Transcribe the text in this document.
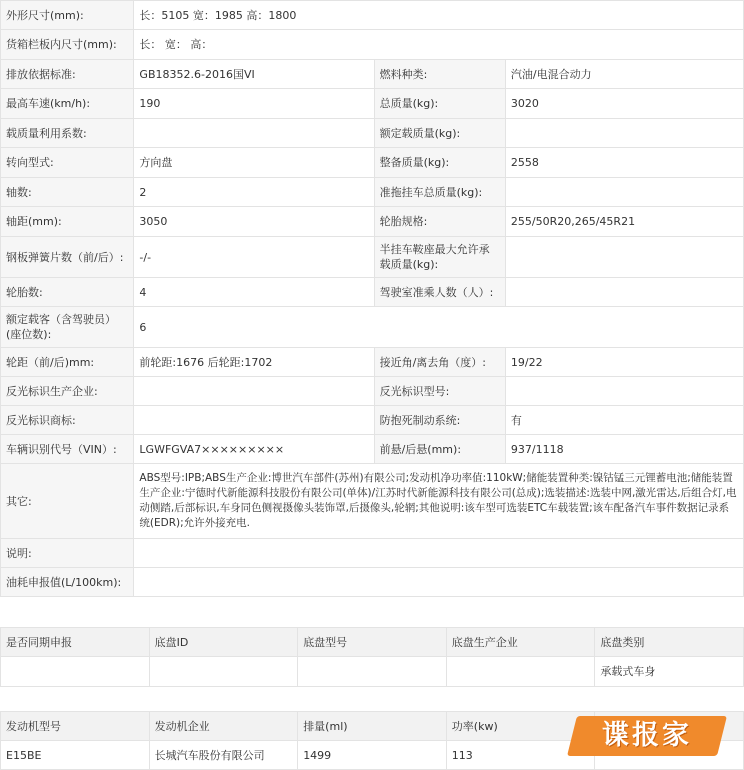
外形尺寸(mm):	长：5105 宽：1985 高：1800		
货箱栏板内尺寸(mm):	长： 宽： 高：		
排放依据标准:	GB18352.6-2016国VI	燃料种类:	汽油/电混合动力
最高车速(km/h):	190	总质量(kg):	3020
载质量利用系数:		额定载质量(kg):	
转向型式:	方向盘	整备质量(kg):	2558
轴数:	2	准拖挂车总质量(kg):	
轴距(mm):	3050	轮胎规格:	255/50R20,265/45R21
钢板弹簧片数（前/后）:	-/-	半挂车鞍座最大允许承载质量(kg):	
轮胎数:	4	驾驶室准乘人数（人）:	
额定载客（含驾驶员）(座位数):	6		
轮距（前/后)mm:	前轮距:1676 后轮距:1702	接近角/离去角（度）:	19/22
反光标识生产企业:		反光标识型号:	
反光标识商标:		防抱死制动系统:	有
车辆识别代号（VIN）:	LGWFGVA7×××××××××	前悬/后悬(mm):	937/1118
其它:	ABS型号:IPB;ABS生产企业:博世汽车部件(苏州)有限公司;发动机净功率值:110kW;储能装置种类:镍钴锰三元锂蓄电池;储能装置生产企业:宁德时代新能源科技股份有限公司(单体)/江苏时代新能源科技有限公司(总成);选装描述:选装中网,激光雷达,后组合灯,电动侧踏,后部标识,车身同色侧视摄像头装饰罩,后摄像头,轮辋;其他说明:该车型可选装ETC车载装置;该车配备汽车事件数据记录系统(EDR);允许外接充电.		
说明:			
油耗申报值(L/100km):			
是否同期申报	底盘ID	底盘型号	底盘生产企业	底盘类别
				承载式车身
发动机型号	发动机企业	排量(ml)	功率(kw)	
E15BE	长城汽车股份有限公司	1499	113	
谍报家
